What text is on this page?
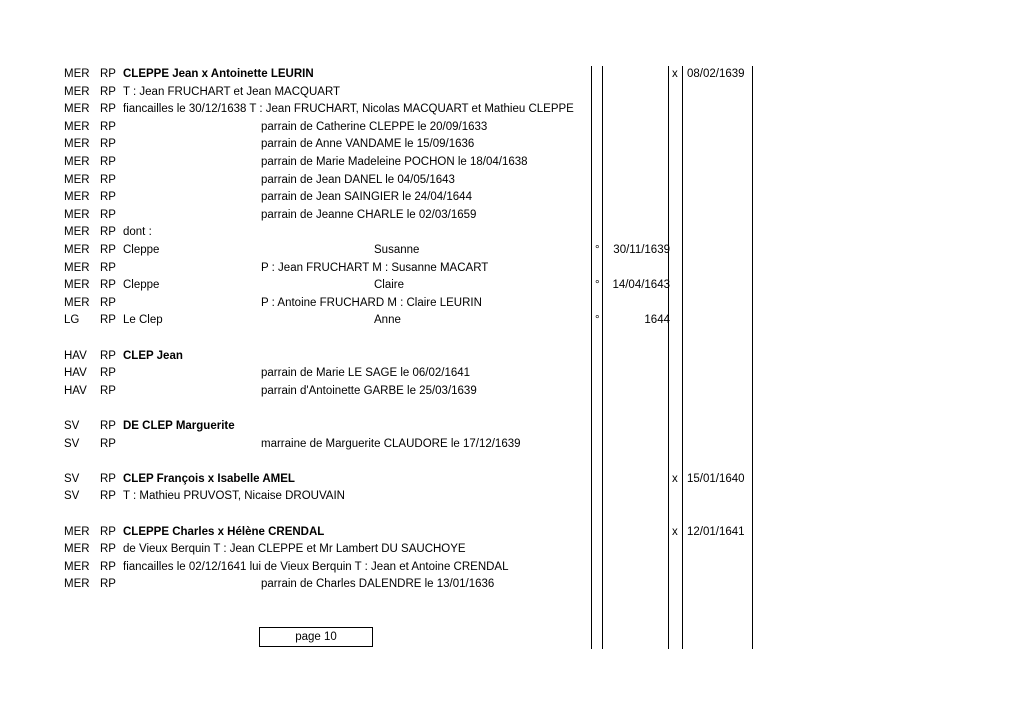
MER RP CLEPPE Jean x Antoinette LEURIN	x 08/02/1639
MER RP T : Jean FRUCHART et Jean MACQUART
MER RP fiancailles le 30/12/1638 T : Jean FRUCHART, Nicolas MACQUART et Mathieu CLEPPE
MER RP	parrain de Catherine CLEPPE le 20/09/1633
MER RP	parrain de Anne VANDAME le 15/09/1636
MER RP	parrain de Marie Madeleine POCHON le 18/04/1638
MER RP	parrain de Jean DANEL le 04/05/1643
MER RP	parrain de Jean SAINGIER le 24/04/1644
MER RP	parrain de Jeanne CHARLE le 02/03/1659
MER RP dont :
MER RP Cleppe	Susanne	°	30/11/1639
MER RP	P : Jean FRUCHART M : Susanne MACART
MER RP Cleppe	Claire	°	14/04/1643
MER RP	P : Antoine FRUCHARD M : Claire LEURIN
LG RP Le Clep	Anne	°	1644
HAV RP CLEP Jean
HAV RP	parrain de Marie LE SAGE le 06/02/1641
HAV RP	parrain d'Antoinette GARBE le 25/03/1639
SV RP DE CLEP Marguerite
SV RP	marraine de Marguerite CLAUDORE le 17/12/1639
SV RP CLEP François x Isabelle AMEL	x 15/01/1640
SV RP T : Mathieu PRUVOST, Nicaise DROUVAIN
MER RP CLEPPE Charles x Hélène CRENDAL	x 12/01/1641
MER RP de Vieux Berquin T : Jean CLEPPE et Mr Lambert DU SAUCHOYE
MER RP fiancailles le 02/12/1641 lui de Vieux Berquin T : Jean et Antoine CRENDAL
MER RP	parrain de Charles DALENDRE le 13/01/1636
page 10
